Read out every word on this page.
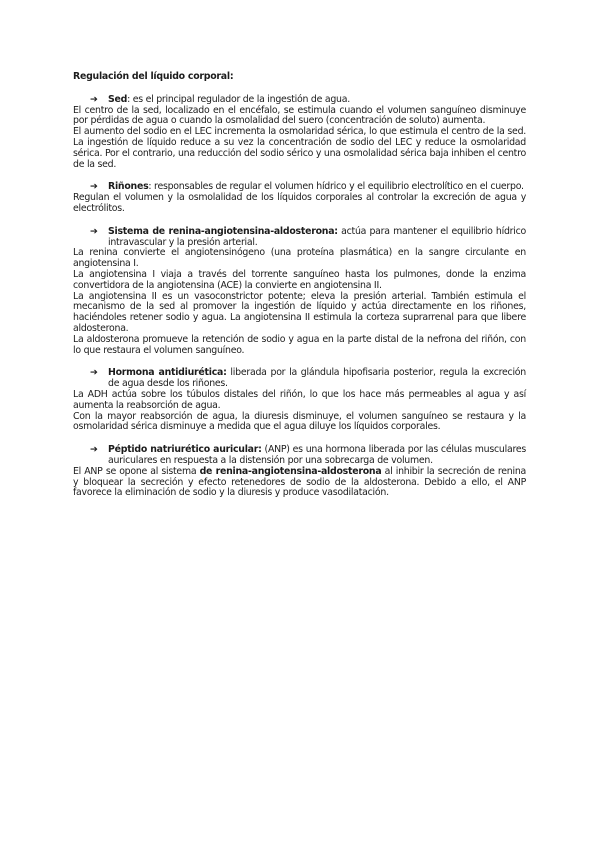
Regulación del líquido corporal:
➔ Sed: es el principal regulador de la ingestión de agua.

El centro de la sed, localizado en el encéfalo, se estimula cuando el volumen sanguíneo disminuye por pérdidas de agua o cuando la osmolalidad del suero (concentración de soluto) aumenta.

El aumento del sodio en el LEC incrementa la osmolaridad sérica, lo que estimula el centro de la sed. La ingestión de líquido reduce a su vez la concentración de sodio del LEC y reduce la osmolaridad sérica. Por el contrario, una reducción del sodio sérico y una osmolalidad sérica baja inhiben el centro de la sed.

➔ Riñones: responsables de regular el volumen hídrico y el equilibrio electrolítico en el cuerpo.

Regulan el volumen y la osmolalidad de los líquidos corporales al controlar la excreción de agua y electrólitos.

➔ Sistema de renina-angiotensina-aldosterona: actúa para mantener el equilibrio hídrico intravascular y la presión arterial.

La renina convierte el angiotensinógeno (una proteína plasmática) en la sangre circulante en angiotensina I.

La angiotensina I viaja a través del torrente sanguíneo hasta los pulmones, donde la enzima convertidora de la angiotensina (ACE) la convierte en angiotensina II.

La angiotensina II es un vasoconstrictor potente; eleva la presión arterial. También estimula el mecanismo de la sed al promover la ingestión de líquido y actúa directamente en los riñones, haciéndoles retener sodio y agua. La angiotensina II estimula la corteza suprarrenal para que libere aldosterona.

La aldosterona promueve la retención de sodio y agua en la parte distal de la nefrona del riñón, con lo que restaura el volumen sanguíneo.

➔ Hormona antidiurética: liberada por la glándula hipofisaria posterior, regula la excreción de agua desde los riñones.

La ADH actúa sobre los túbulos distales del riñón, lo que los hace más permeables al agua y así aumenta la reabsorción de agua.

Con la mayor reabsorción de agua, la diuresis disminuye, el volumen sanguíneo se restaura y la osmolaridad sérica disminuye a medida que el agua diluye los líquidos corporales.

➔ Péptido natriurético auricular: (ANP) es una hormona liberada por las células musculares auriculares en respuesta a la distensión por una sobrecarga de volumen.

El ANP se opone al sistema de renina-angiotensina-aldosterona al inhibir la secreción de renina y bloquear la secreción y efecto retenedores de sodio de la aldosterona. Debido a ello, el ANP favorece la eliminación de sodio y la diuresis y produce vasodilatación.
